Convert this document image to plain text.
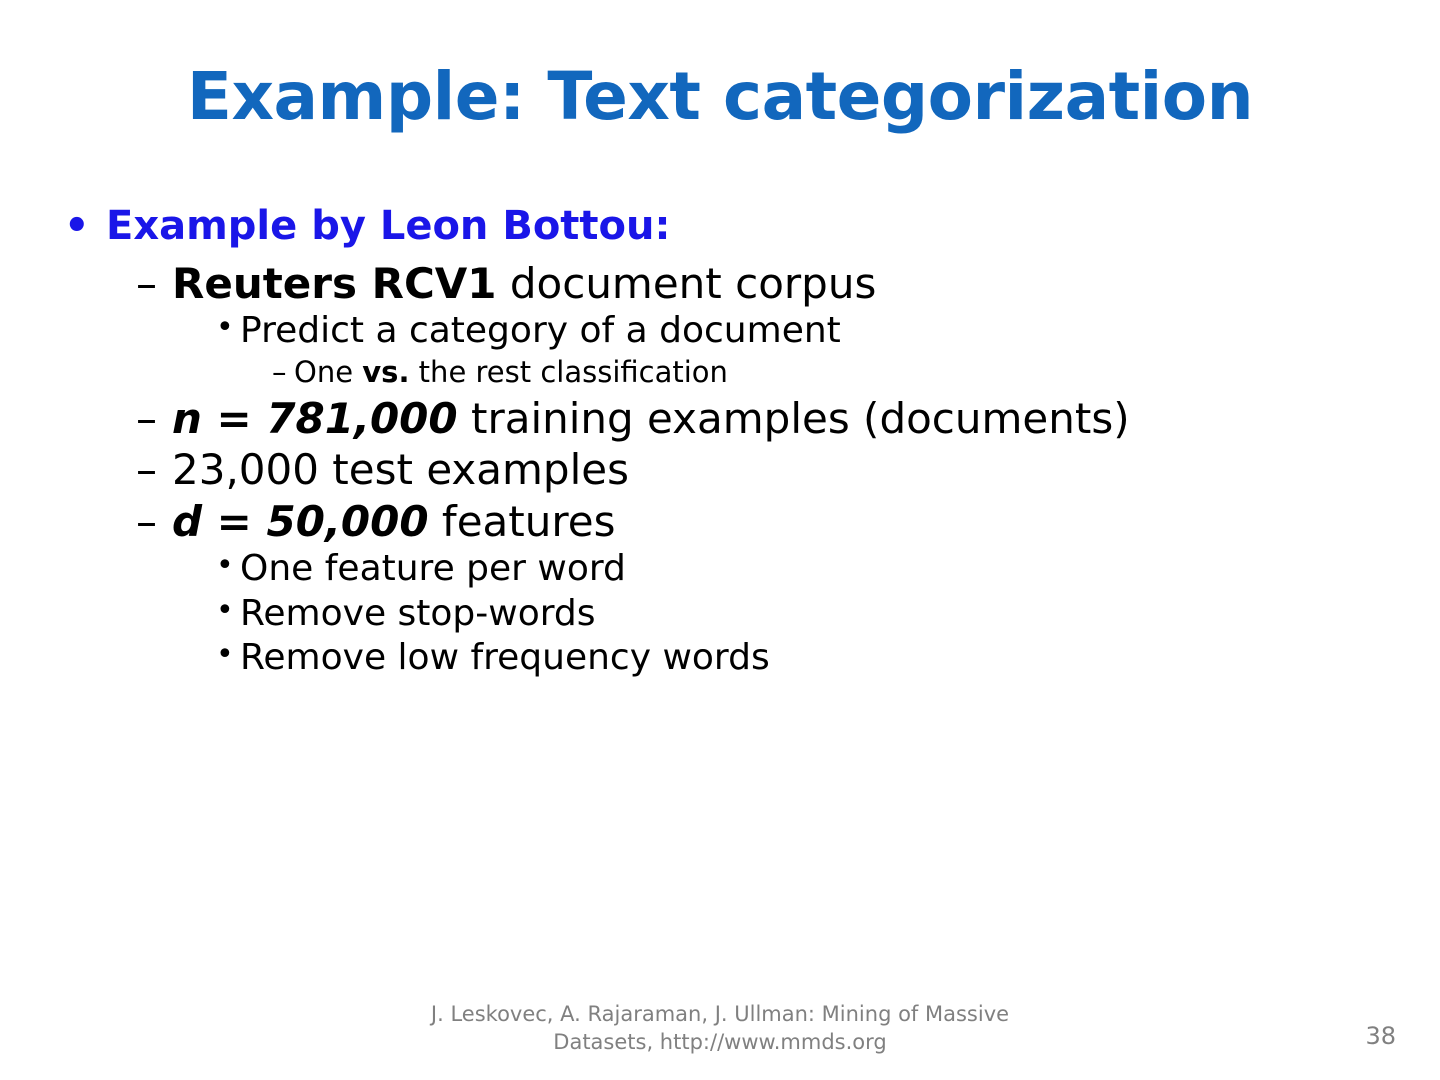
Example: Text categorization
• Example by Leon Bottou:
– Reuters RCV1 document corpus
• Predict a category of a document
– One vs. the rest classification
– n = 781,000 training examples (documents)
– 23,000 test examples
– d = 50,000 features
• One feature per word
• Remove stop-words
• Remove low frequency words
J. Leskovec, A. Rajaraman, J. Ullman: Mining of Massive Datasets, http://www.mmds.org	38
